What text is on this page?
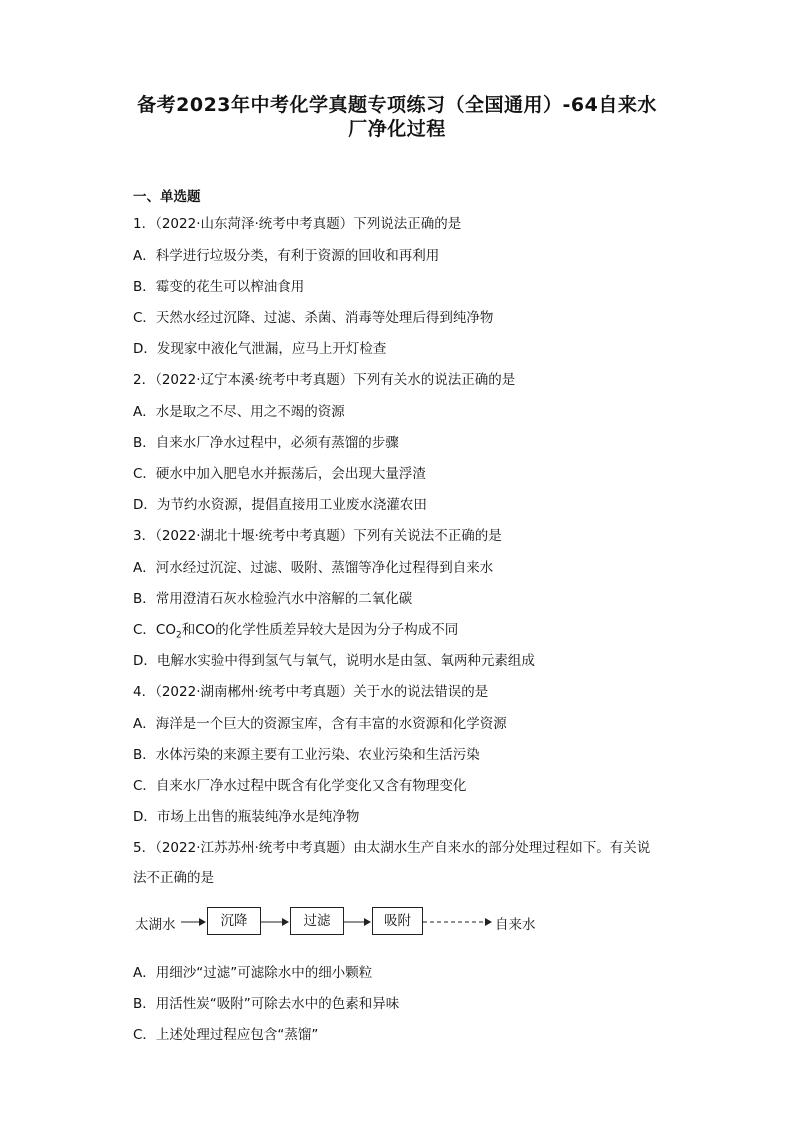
备考2023年中考化学真题专项练习（全国通用）-64自来水
厂净化过程
一、单选题
1．（2022·山东菏泽·统考中考真题）下列说法正确的是
A．科学进行垃圾分类，有利于资源的回收和再利用
B．霉变的花生可以榨油食用
C．天然水经过沉降、过滤、杀菌、消毒等处理后得到纯净物
D．发现家中液化气泄漏，应马上开灯检查
2．（2022·辽宁本溪·统考中考真题）下列有关水的说法正确的是
A．水是取之不尽、用之不竭的资源
B．自来水厂净水过程中，必须有蒸馏的步骤
C．硬水中加入肥皂水并振荡后，会出现大量浮渣
D．为节约水资源，提倡直接用工业废水浇灌农田
3．（2022·湖北十堰·统考中考真题）下列有关说法不正确的是
A．河水经过沉淀、过滤、吸附、蒸馏等净化过程得到自来水
B．常用澄清石灰水检验汽水中溶解的二氧化碳
C．$CO_2$和CO的化学性质差异较大是因为分子构成不同
D．电解水实验中得到氢气与氧气，说明水是由氢、氧两种元素组成
4．（2022·湖南郴州·统考中考真题）关于水的说法错误的是
A．海洋是一个巨大的资源宝库，含有丰富的水资源和化学资源
B．水体污染的来源主要有工业污染、农业污染和生活污染
C．自来水厂净水过程中既含有化学变化又含有物理变化
D．市场上出售的瓶装纯净水是纯净物
5．（2022·江苏苏州·统考中考真题）由太湖水生产自来水的部分处理过程如下。有关说
法不正确的是
太湖水	沉降	过滤	吸附	自来水
A．用细沙“过滤”可滤除水中的细小颗粒
B．用活性炭“吸附”可除去水中的色素和异味
C．上述处理过程应包含“蒸馏”
